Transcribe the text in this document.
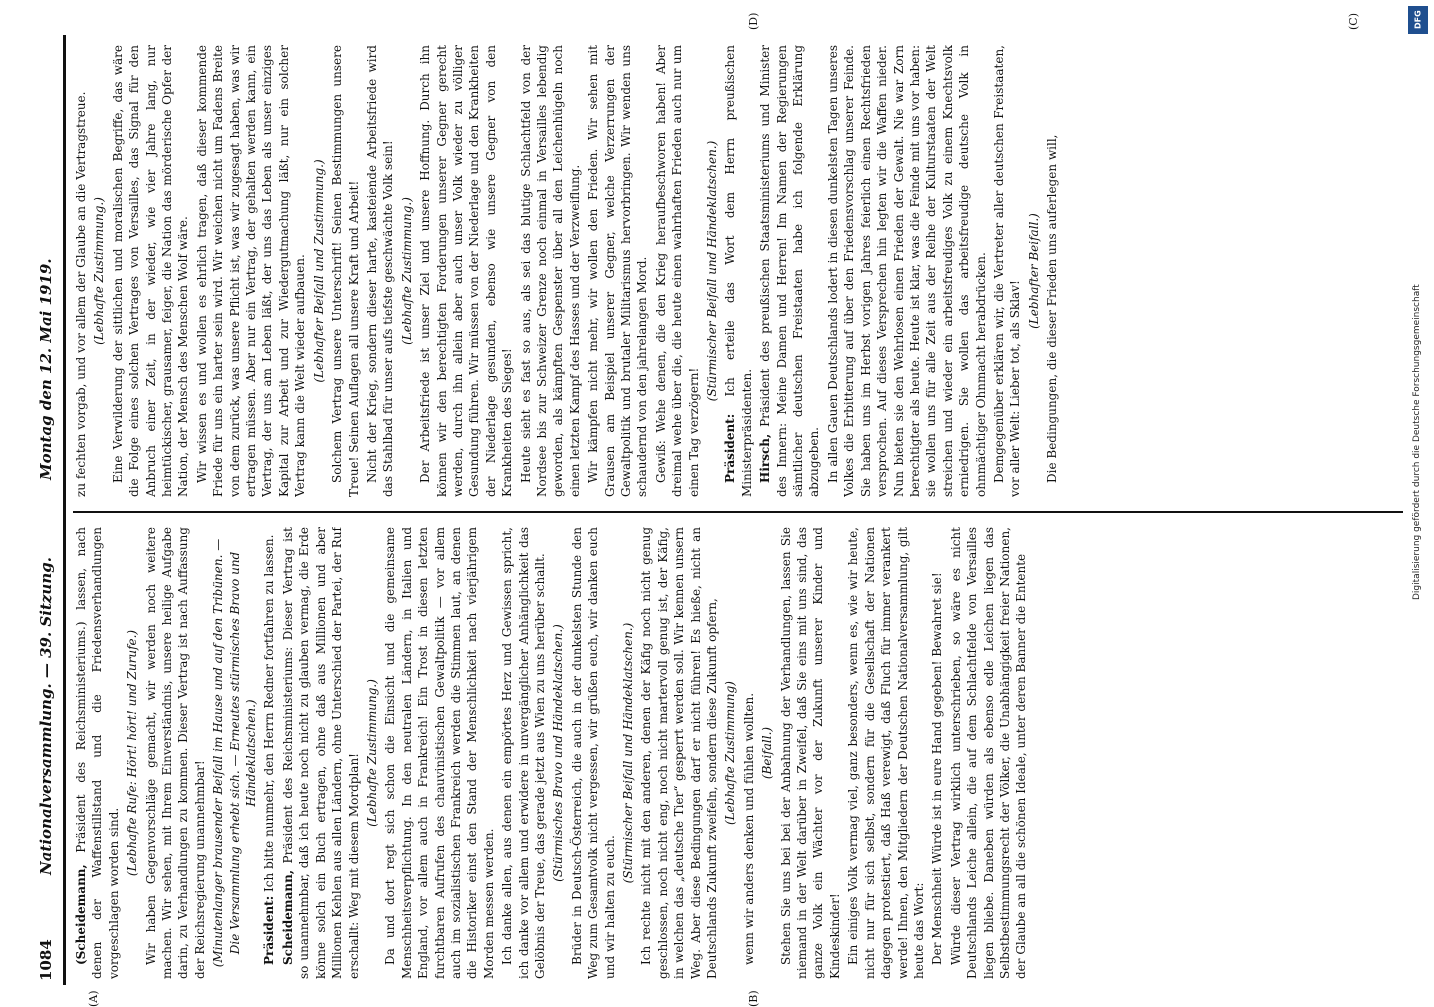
1084
Nationalversammlung. — 39. Sitzung.
Montag den 12. Mai 1919.

(Scheidemann, Präsident des Reichsministeriums.) lassen, nach denen der Waffenstillstand und die Friedensverhandlungen vorgeschlagen worden sind.

(Lebhafte Rufe: Hört! hört! und Zurufe.) Wir haben Gegenvorschläge gemacht, wir werden noch weitere machen. Wir sehen, mit Ihrem Einverständnis, unsere heilige Aufgabe darin, zu Verhandlungen zu kommen. Dieser Vertrag ist nach Auffassung der Reichsregierung unannehmbar! (Minutenlanger brausender Beifall im Hause und auf den Tribünen. — Die Versammlung erhebt sich. — Erneutes stürmisches Bravo und Händeklatschen.)

Präsident: Ich bitte nunmehr, den Herrn Redner fortfahren zu lassen.

Scheidemann, Präsident des Reichsministeriums: Dieser Vertrag ist so unannehmbar, daß ich heute noch nicht zu glauben vermag, die Erde könne solch ein Buch ertragen, ohne daß aus Millionen und aber Millionen Kehlen aus allen Ländern, ohne Unterschied der Partei, der Ruf erschallt: Weg mit diesem Mordplan! (Lebhafte Zustimmung.) Da und dort regt sich schon die Einsicht und die gemeinsame Menschheitsverpflichtung. In den neutralen Ländern, in Italien und England, vor allem auch in Frankreich! Ein Trost in diesen letzten furchtbaren Aufrufen des chauvinistischen Gewaltpolitik — vor allem auch im sozialistischen Frankreich werden die Stimmen laut, an denen die Historiker einst den Stand der Menschlichkeit nach vierjährigem Morden messen werden. Ich danke allen, aus denen ein empörtes Herz und Gewissen spricht, ich danke vor allem und erwidere in unvergänglicher Anhänglichkeit das Gelöbnis der Treue, das gerade jetzt aus Wien zu uns herüber schallt. (Stürmisches Bravo und Händeklatschen.) Brüder in Deutsch-Österreich, die auch in der dunkelsten Stunde den Weg zum Gesamtvolk nicht vergessen, wir grüßen euch, wir danken euch und wir halten zu euch.

(Stürmischer Beifall und Händeklatschen.) Ich rechte nicht mit den anderen, denen der Käfig noch nicht genug geschlossen, noch nicht eng, noch nicht martervoll genug ist, der Käfig, in welchen das „deutsche Tier“ gesperrt werden soll. Wir kennen unsern Weg. Aber diese Bedingungen darf er nicht führen! Es hieße, nicht an Deutschlands Zukunft zweifeln, sondern diese Zukunft opfern, (Lebhafte Zustimmung) wenn wir anders denken und fühlen wollten. (Beifall.) Stehen Sie uns bei bei der Anbahnung der Verhandlungen, lassen Sie niemand in der Welt darüber in Zweifel, daß Sie eins mit uns sind, das ganze Volk ein Wächter vor der Zukunft unserer Kinder und Kindeskinder! Ein einiges Volk vermag viel, ganz besonders, wenn es, wie wir heute, nicht nur für sich selbst, sondern für die Gesellschaft der Nationen dagegen protestiert, daß Haß verewigt, daß Fluch für immer verankert werde! Ihnen, den Mitgliedern der Deutschen Nationalversammlung, gilt heute das Wort: Der Menschheit Würde ist in eure Hand gegeben! Bewahret sie! Würde dieser Vertrag wirklich unterschrieben, so wäre es nicht Deutschlands Leiche allein, die auf dem Schlachtfelde von Versailles liegen bliebe. Daneben würden als ebenso edle Leichen liegen das Selbstbestimmungsrecht der Völker, die Unabhängigkeit freier Nationen, der Glaube an all die schönen Ideale, unter deren Banner die Entente

zu fechten vorgab, und vor allem der Glaube an die Vertragstreue. (Lebhafte Zustimmung.) Eine Verwilderung der sittlichen und moralischen Begriffe, das wäre die Folge eines solchen Vertrages von Versailles, das Signal für den Anbruch einer Zeit, in der wieder, wie vier Jahre lang, nur heimtückischer, grausamer, feiger, die Nation das mörderische Opfer der Nation, der Mensch des Menschen Wolf wäre. Wir wissen es und wollen es ehrlich tragen, daß dieser kommende Friede für uns ein harter sein wird. Wir weichen nicht um Fadens Breite von dem zurück, was unsere Pflicht ist, was wir zugesagt haben, was wir ertragen müssen. Aber nur ein Vertrag, der gehalten werden kann, ein Vertrag, der uns am Leben läßt, der uns das Leben als unser einziges Kapital zur Arbeit und zur Wiedergutmachung läßt, nur ein solcher Vertrag kann die Welt wieder aufbauen. (Lebhafter Beifall und Zustimmung.) Solchem Vertrag unsere Unterschrift! Seinen Bestimmungen unsere Treue! Seinen Auflagen all unsere Kraft und Arbeit! Nicht der Krieg, sondern dieser harte, kasteiende Arbeitsfriede wird das Stahlbad für unser aufs tiefste geschwächte Volk sein! (Lebhafte Zustimmung.) Der Arbeitsfriede ist unser Ziel und unsere Hoffnung. Durch ihn können wir den berechtigten Forderungen unserer Gegner gerecht werden, durch ihn allein aber auch unser Volk wieder zu völliger Gesundung führen. Wir müssen von der Niederlage und den Krankheiten der Niederlage gesunden, ebenso wie unsere Gegner von den Krankheiten des Sieges! Heute sieht es fast so aus, als sei das blutige Schlachtfeld von der Nordsee bis zur Schweizer Grenze noch einmal in Versailles lebendig geworden, als kämpften Gespenster über all den Leichenhügeln noch einen letzten Kampf des Hasses und der Verzweiflung. Wir kämpfen nicht mehr, wir wollen den Frieden. Wir sehen mit Grausen am Beispiel unserer Gegner, welche Verzerrungen der Gewaltpolitik und brutaler Militarismus hervorbringen. Wir wenden uns schaudernd von den jahrelangen Mord. Gewiß: Wehe denen, die den Krieg heraufbeschworen haben! Aber dreimal wehe über die, die heute einen wahrhaften Frieden auch nur um einen Tag verzögern!

(Stürmischer Beifall und Händeklatschen.)

Präsident: Ich erteile das Wort dem Herrn preußischen Ministerpräsidenten. Hirsch, Präsident des preußischen Staatsministeriums und Minister des Innern: Meine Damen und Herren! Im Namen der Regierungen sämtlicher deutschen Freistaaten habe ich folgende Erklärung abzugeben. In allen Gauen Deutschlands lodert in diesen dunkelsten Tagen unseres Volkes die Erbitterung auf über den Friedensvorschlag unserer Feinde. Sie haben uns im Herbst vorigen Jahres feierlich einen Rechtsfrieden versprochen. Auf dieses Versprechen hin legten wir die Waffen nieder. Nun bieten sie den Wehrlosen einen Frieden der Gewalt. Nie war Zorn berechtigter als heute. Heute ist klar, was die Feinde mit uns vor haben: sie wollen uns für alle Zeit aus der Reihe der Kulturstaaten der Welt streichen und wieder ein arbeitsfreudiges Volk zu einem Knechtsvolk erniedrigen. Sie wollen das arbeitsfreudige deutsche Volk in ohnmächtiger Ohnmacht herabdrücken. Demgegenüber erklären wir, die Vertreter aller deutschen Freistaaten, vor aller Welt: Lieber tot, als Sklav!

(Lebhafter Beifall.) Die Bedingungen, die dieser Frieden uns auferlegen will,

(A)	(B)
(C)
(D)	DFG
Digitalisierung gefördert durch die Deutsche Forschungsgemeinschaft
